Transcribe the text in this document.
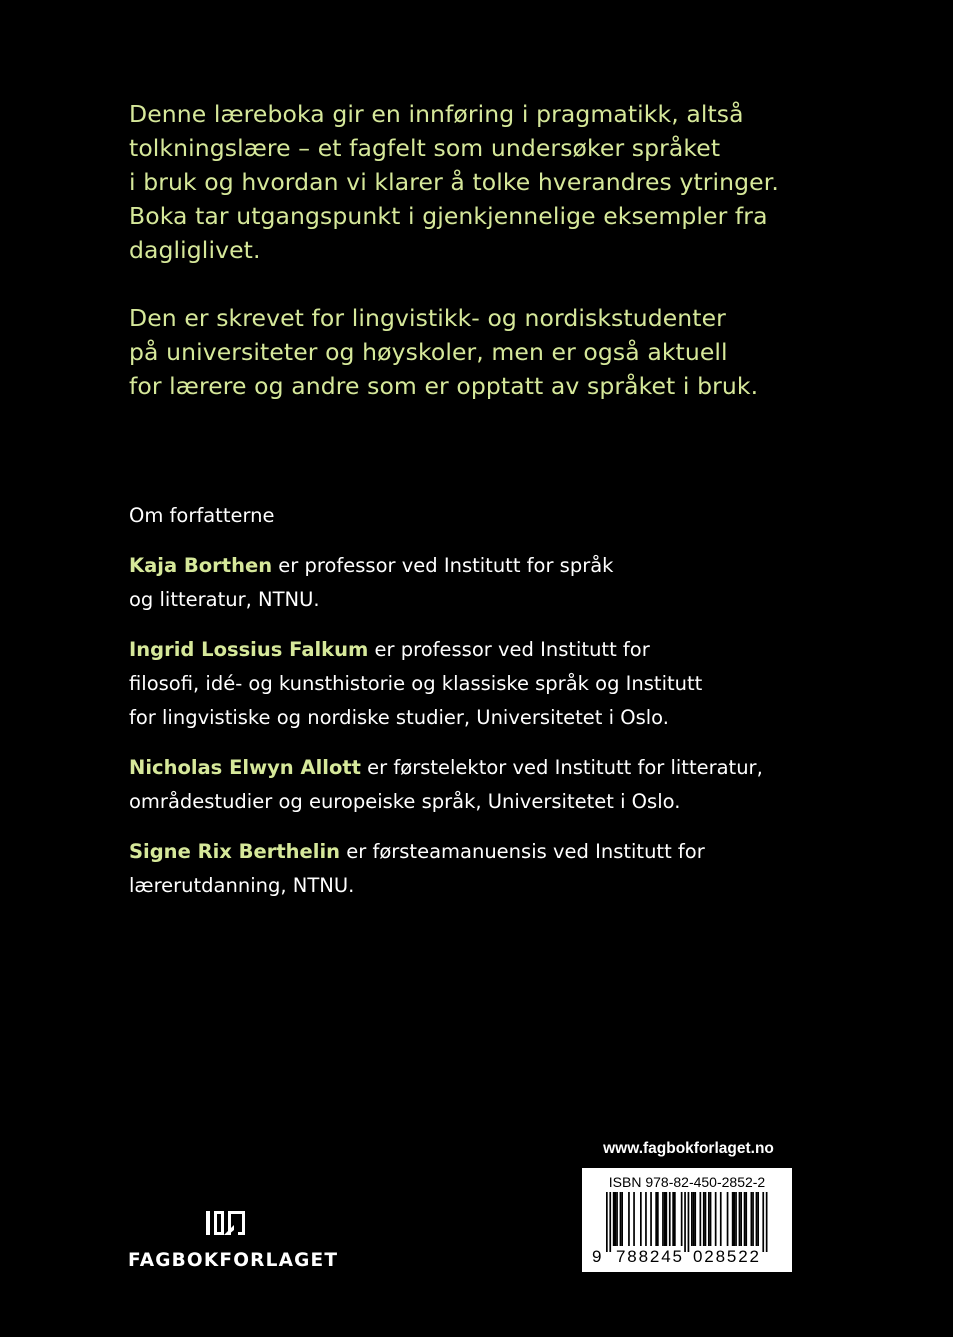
Denne læreboka gir en innføring i pragmatikk, altså
tolkningslære – et fagfelt som undersøker språket
i bruk og hvordan vi klarer å tolke hverandres ytringer.
Boka tar utgangspunkt i gjenkjennelige eksempler fra
dagliglivet.

Den er skrevet for lingvistikk- og nordiskstudenter
på universiteter og høyskoler, men er også aktuell
for lærere og andre som er opptatt av språket i bruk.

Om forfatterne

Kaja Borthen er professor ved Institutt for språk
og litteratur, NTNU.

Ingrid Lossius Falkum er professor ved Institutt for
filosofi, idé- og kunsthistorie og klassiske språk og Institutt
for lingvistiske og nordiske studier, Universitetet i Oslo.

Nicholas Elwyn Allott er førstelektor ved Institutt for litteratur,
områdestudier og europeiske språk, Universitetet i Oslo.

Signe Rix Berthelin er førsteamanuensis ved Institutt for
lærerutdanning, NTNU.

FAGBOKFORLAGET
www.fagbokforlaget.no
ISBN 978-82-450-2852-2
9 788245 028522
